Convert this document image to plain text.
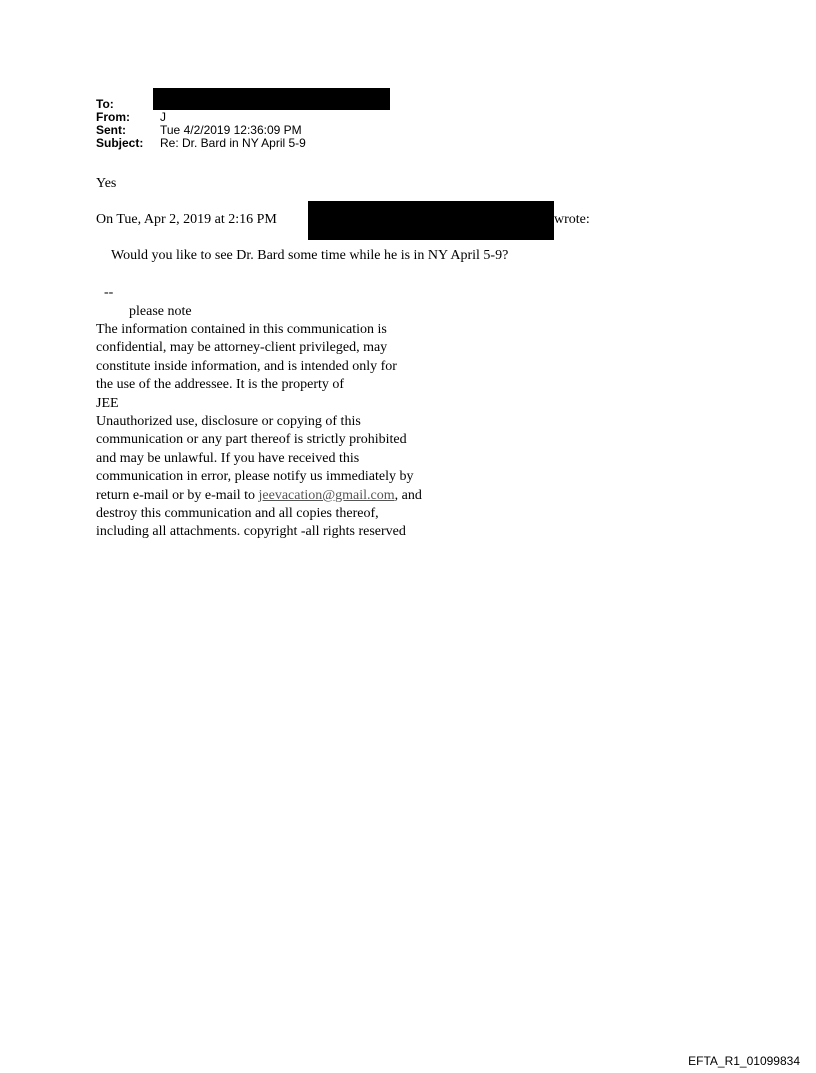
To:
From:	J
Sent:	Tue 4/2/2019 12:36:09 PM
Subject: Re: Dr. Bard in NY April 5-9
Yes
On Tue, Apr 2, 2019 at 2:16 PM	wrote:
Would you like to see Dr. Bard some time while he is in NY April 5-9?
--
please note
The information contained in this communication is
confidential, may be attorney-client privileged, may
constitute inside information, and is intended only for
the use of the addressee. It is the property of
JEE
Unauthorized use, disclosure or copying of this
communication or any part thereof is strictly prohibited
and may be unlawful. If you have received this
communication in error, please notify us immediately by
return e-mail or by e-mail to jeevacation@gmail.com, and
destroy this communication and all copies thereof,
including all attachments. copyright -all rights reserved
EFTA_R1_01099834
